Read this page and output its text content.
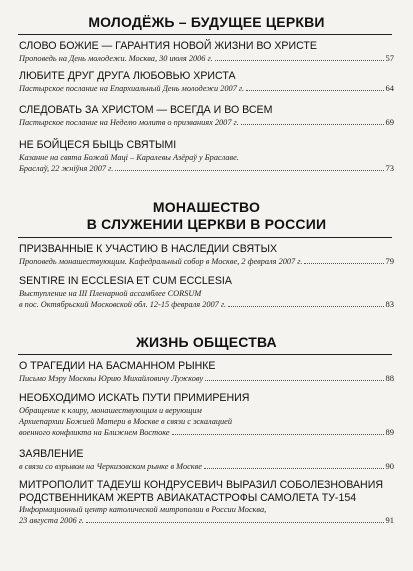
МОЛОДЁЖЬ – БУДУЩЕЕ ЦЕРКВИ
СЛОВО БОЖИЕ — ГАРАНТИЯ НОВОЙ ЖИЗНИ ВО ХРИСТЕ
Проповедь на День молодежи. Москва, 30 июля 2006 г.	57
ЛЮБИТЕ ДРУГ ДРУГА ЛЮБОВЬЮ ХРИСТА
Пастырское послание на Епархиальный День молодежи 2007 г.	64
СЛЕДОВАТЬ ЗА ХРИСТОМ — ВСЕГДА И ВО ВСЕМ
Пастырское послание на Неделю молитв о призваниях 2007 г.	69
НЕ БОЙЦЕСЯ БЫЦЬ СВЯТЫМІ
Казанне на свята Божай Маці – Каралевы Азёраў у Браславе.
Браслаў, 22 жніўня 2007 г.	73
МОНАШЕСТВО
В СЛУЖЕНИИ ЦЕРКВИ В РОССИИ
ПРИЗВАННЫЕ К УЧАСТИЮ В НАСЛЕДИИ СВЯТЫХ
Проповедь монашествующим. Кафедральный собор в Москве, 2 февраля 2007 г.	79
SENTIRE IN ECCLESIA ET CUM ECCLESIA
Выступление на III Пленарной ассамблее CORSUM
в пос. Октябрьский Московской обл. 12-15 февраля 2007 г.	83
ЖИЗНЬ ОБЩЕСТВА
О ТРАГЕДИИ НА БАСМАННОМ РЫНКЕ
Письмо Мэру Москвы Юрию Михайловичу Лужкову	88
НЕОБХОДИМО ИСКАТЬ ПУТИ ПРИМИРЕНИЯ
Обращение к клиру, монашествующим и верующим
Архиепархии Божией Матери в Москве в связи с эскалацией
военного конфликта на Ближнем Востоке	89
ЗАЯВЛЕНИЕ
в связи со взрывом на Черкизовском рынке в Москве	90
МИТРОПОЛИТ ТАДЕУШ КОНДРУСЕВИЧ ВЫРАЗИЛ СОБОЛЕЗНОВАНИЯ
РОДСТВЕННИКАМ ЖЕРТВ АВИАКАТАСТРОФЫ САМОЛЕТА ТУ-154
Информационный центр католической митрополии в России Москва,
23 августа 2006 г.	91
